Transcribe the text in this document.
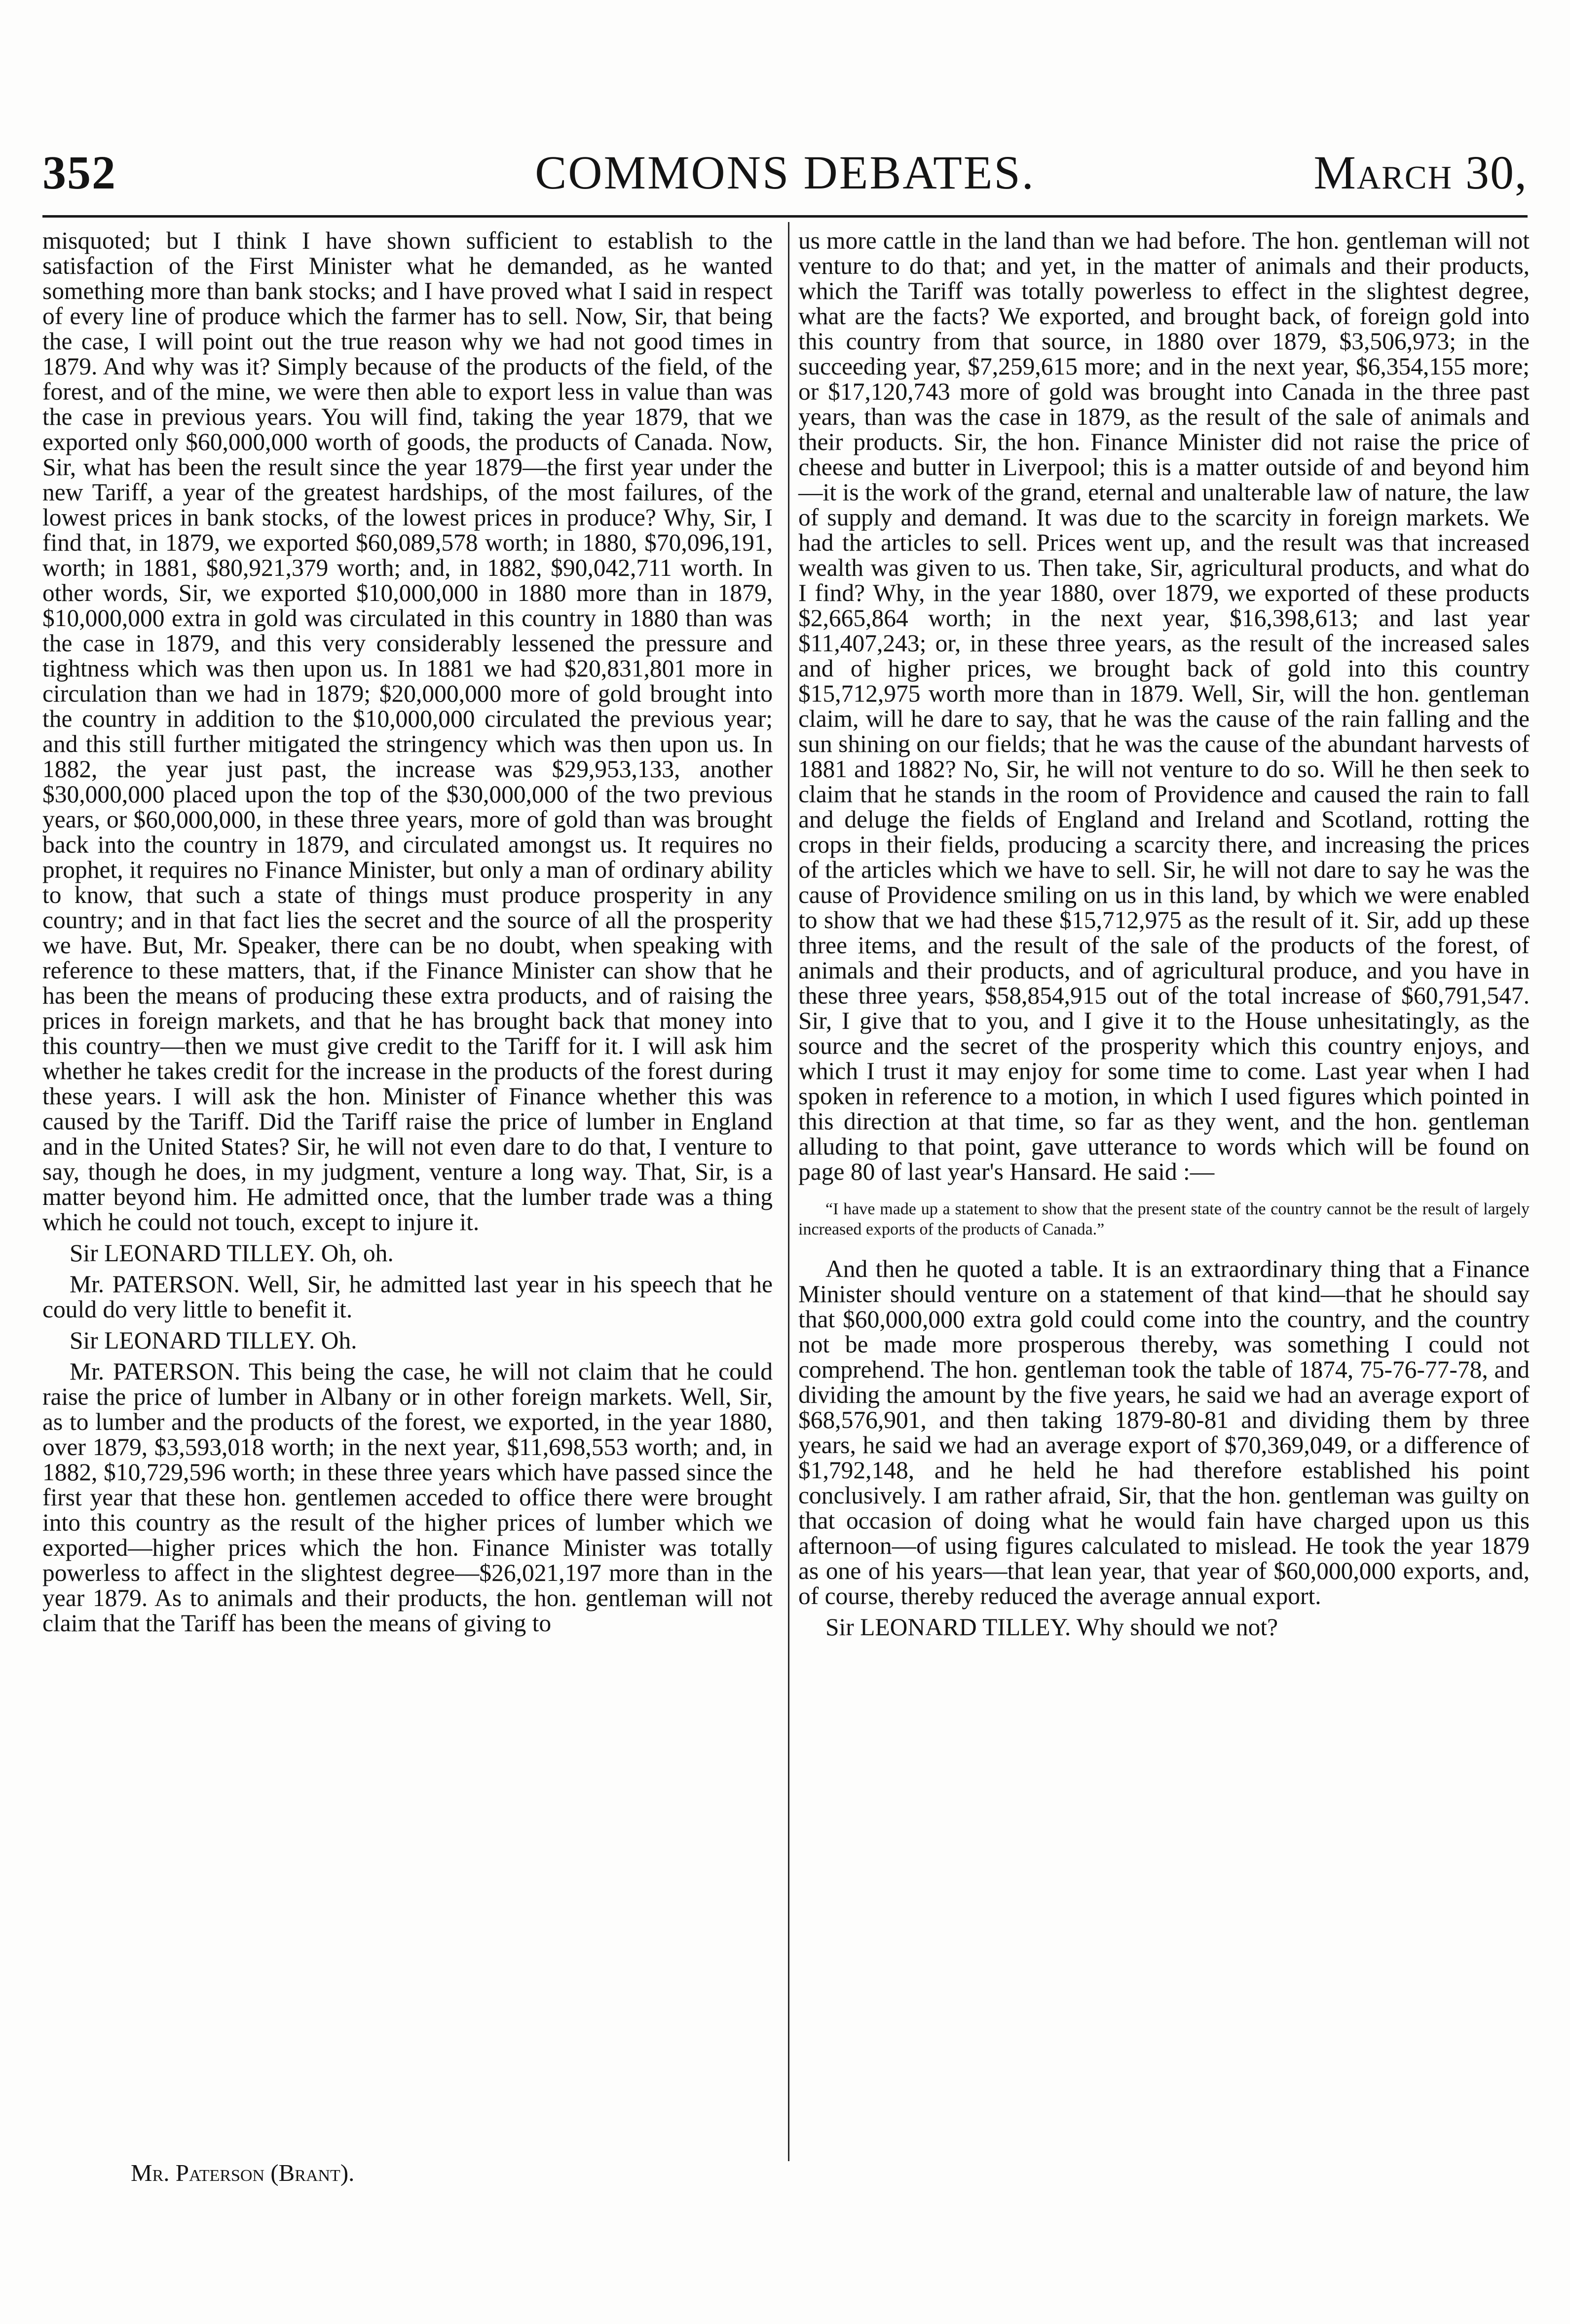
COMMONS DEBATES.
352	March 30,

misquoted; but I think I have shown sufficient to establish to the satisfaction of the First Minister what he demanded, as he wanted something more than bank stocks; and I have proved what I said in respect of every line of produce which the farmer has to sell. Now, Sir, that being the case, I will point out the true reason why we had not good times in 1879. And why was it? Simply because of the products of the field, of the forest, and of the mine, we were then able to export less in value than was the case in previous years. You will find, taking the year 1879, that we exported only $60,000,000 worth of goods, the products of Canada. Now, Sir, what has been the result since the year 1879—the first year under the new Tariff, a year of the greatest hardships, of the most failures, of the lowest prices in bank stocks, of the lowest prices in produce? Why, Sir, I find that, in 1879, we exported $60,089,578 worth; in 1880, $70,096,191, worth; in 1881, $80,921,379 worth; and, in 1882, $90,042,711 worth. In other words, Sir, we exported $10,000,000 in 1880 more than in 1879, $10,000,000 extra in gold was circulated in this country in 1880 than was the case in 1879, and this very considerably lessened the pressure and tightness which was then upon us. In 1881 we had $20,831,801 more in circulation than we had in 1879; $20,000,000 more of gold brought into the country in addition to the $10,000,000 circulated the previous year; and this still further mitigated the stringency which was then upon us. In 1882, the year just past, the increase was $29,953,133, another $30,000,000 placed upon the top of the $30,000,000 of the two previous years, or $60,000,000, in these three years, more of gold than was brought back into the country in 1879, and circulated amongst us. It requires no prophet, it requires no Finance Minister, but only a man of ordinary ability to know, that such a state of things must produce prosperity in any country; and in that fact lies the secret and the source of all the prosperity we have. But, Mr. Speaker, there can be no doubt, when speaking with reference to these matters, that, if the Finance Minister can show that he has been the means of producing these extra products, and of raising the prices in foreign markets, and that he has brought back that money into this country—then we must give credit to the Tariff for it. I will ask him whether he takes credit for the increase in the products of the forest during these years. I will ask the hon. Minister of Finance whether this was caused by the Tariff. Did the Tariff raise the price of lumber in England and in the United States? Sir, he will not even dare to do that, I venture to say, though he does, in my judgment, venture a long way. That, Sir, is a matter beyond him. He admitted once, that the lumber trade was a thing which he could not touch, except to injure it.

Sir LEONARD TILLEY. Oh, oh.

Mr. PATERSON. Well, Sir, he admitted last year in his speech that he could do very little to benefit it.

Sir LEONARD TILLEY. Oh.

Mr. PATERSON. This being the case, he will not claim that he could raise the price of lumber in Albany or in other foreign markets. Well, Sir, as to lumber and the products of the forest, we exported, in the year 1880, over 1879, $3,593,018 worth; in the next year, $11,698,553 worth; and, in 1882, $10,729,596 worth; in these three years which have passed since the first year that these hon. gentlemen acceded to office there were brought into this country as the result of the higher prices of lumber which we exported—higher prices which the hon. Finance Minister was totally powerless to affect in the slightest degree—$26,021,197 more than in the year 1879. As to animals and their products, the hon. gentleman will not claim that the Tariff has been the means of giving to

Mr. Paterson (Brant).

us more cattle in the land than we had before. The hon. gentleman will not venture to do that; and yet, in the matter of animals and their products, which the Tariff was totally powerless to effect in the slightest degree, what are the facts? We exported, and brought back, of foreign gold into this country from that source, in 1880 over 1879, $3,506,973; in the succeeding year, $7,259,615 more; and in the next year, $6,354,155 more; or $17,120,743 more of gold was brought into Canada in the three past years, than was the case in 1879, as the result of the sale of animals and their products. Sir, the hon. Finance Minister did not raise the price of cheese and butter in Liverpool; this is a matter outside of and beyond him—it is the work of the grand, eternal and unalterable law of nature, the law of supply and demand. It was due to the scarcity in foreign markets. We had the articles to sell. Prices went up, and the result was that increased wealth was given to us. Then take, Sir, agricultural products, and what do I find? Why, in the year 1880, over 1879, we exported of these products $2,665,864 worth; in the next year, $16,398,613; and last year $11,407,243; or, in these three years, as the result of the increased sales and of higher prices, we brought back of gold into this country $15,712,975 worth more than in 1879. Well, Sir, will the hon. gentleman claim, will he dare to say, that he was the cause of the rain falling and the sun shining on our fields; that he was the cause of the abundant harvests of 1881 and 1882? No, Sir, he will not venture to do so. Will he then seek to claim that he stands in the room of Providence and caused the rain to fall and deluge the fields of England and Ireland and Scotland, rotting the crops in their fields, producing a scarcity there, and increasing the prices of the articles which we have to sell. Sir, he will not dare to say he was the cause of Providence smiling on us in this land, by which we were enabled to show that we had these $15,712,975 as the result of it. Sir, add up these three items, and the result of the sale of the products of the forest, of animals and their products, and of agricultural produce, and you have in these three years, $58,854,915 out of the total increase of $60,791,547. Sir, I give that to you, and I give it to the House unhesitatingly, as the source and the secret of the prosperity which this country enjoys, and which I trust it may enjoy for some time to come. Last year when I had spoken in reference to a motion, in which I used figures which pointed in this direction at that time, so far as they went, and the hon. gentleman alluding to that point, gave utterance to words which will be found on page 80 of last year's Hansard. He said :—

“I have made up a statement to show that the present state of the country cannot be the result of largely increased exports of the products of Canada.”

And then he quoted a table. It is an extraordinary thing that a Finance Minister should venture on a statement of that kind—that he should say that $60,000,000 extra gold could come into the country, and the country not be made more prosperous thereby, was something I could not comprehend. The hon. gentleman took the table of 1874, 75-76-77-78, and dividing the amount by the five years, he said we had an average export of $68,576,901, and then taking 1879-80-81 and dividing them by three years, he said we had an average export of $70,369,049, or a difference of $1,792,148, and he held he had therefore established his point conclusively. I am rather afraid, Sir, that the hon. gentleman was guilty on that occasion of doing what he would fain have charged upon us this afternoon—of using figures calculated to mislead. He took the year 1879 as one of his years—that lean year, that year of $60,000,000 exports, and, of course, thereby reduced the average annual export.

Sir LEONARD TILLEY. Why should we not?
